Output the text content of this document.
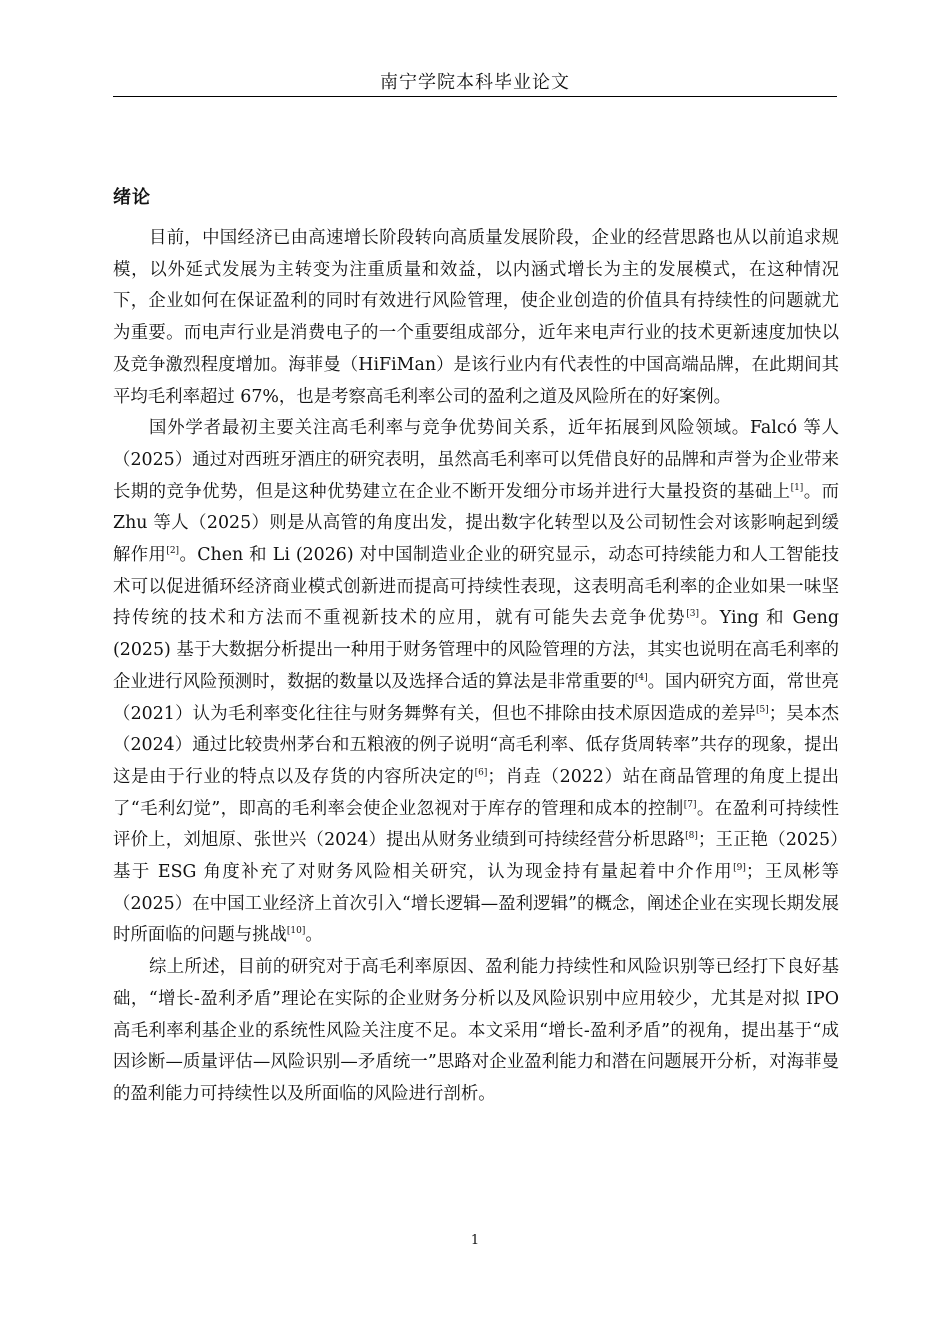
南宁学院本科毕业论文
绪论

目前，中国经济已由高速增长阶段转向高质量发展阶段，企业的经营思路也从以前追求规模，以外延式发展为主转变为注重质量和效益，以内涵式增长为主的发展模式，在这种情况下，企业如何在保证盈利的同时有效进行风险管理，使企业创造的价值具有持续性的问题就尤为重要。而电声行业是消费电子的一个重要组成部分，近年来电声行业的技术更新速度加快以及竞争激烈程度增加。海菲曼（HiFiMan）是该行业内有代表性的中国高端品牌，在此期间其平均毛利率超过 67%，也是考察高毛利率公司的盈利之道及风险所在的好案例。

国外学者最初主要关注高毛利率与竞争优势间关系，近年拓展到风险领域。Falcó 等人（2025）通过对西班牙酒庄的研究表明，虽然高毛利率可以凭借良好的品牌和声誉为企业带来长期的竞争优势，但是这种优势建立在企业不断开发细分市场并进行大量投资的基础上[1]。而 Zhu 等人（2025）则是从高管的角度出发，提出数字化转型以及公司韧性会对该影响起到缓解作用[2]。Chen 和 Li (2026) 对中国制造业企业的研究显示，动态可持续能力和人工智能技术可以促进循环经济商业模式创新进而提高可持续性表现，这表明高毛利率的企业如果一味坚持传统的技术和方法而不重视新技术的应用，就有可能失去竞争优势[3]。Ying 和 Geng (2025) 基于大数据分析提出一种用于财务管理中的风险管理的方法，其实也说明在高毛利率的企业进行风险预测时，数据的数量以及选择合适的算法是非常重要的[4]。国内研究方面，常世亮（2021）认为毛利率变化往往与财务舞弊有关，但也不排除由技术原因造成的差异[5]；吴本杰（2024）通过比较贵州茅台和五粮液的例子说明“高毛利率、低存货周转率”共存的现象，提出这是由于行业的特点以及存货的内容所决定的[6]；肖垚（2022）站在商品管理的角度上提出了“毛利幻觉”，即高的毛利率会使企业忽视对于库存的管理和成本的控制[7]。在盈利可持续性评价上，刘旭原、张世兴（2024）提出从财务业绩到可持续经营分析思路[8]；王正艳（2025）基于 ESG 角度补充了对财务风险相关研究，认为现金持有量起着中介作用[9]；王凤彬等（2025）在中国工业经济上首次引入“增长逻辑—盈利逻辑”的概念，阐述企业在实现长期发展时所面临的问题与挑战[10]。

综上所述，目前的研究对于高毛利率原因、盈利能力持续性和风险识别等已经打下良好基础，“增长-盈利矛盾”理论在实际的企业财务分析以及风险识别中应用较少，尤其是对拟 IPO 高毛利率利基企业的系统性风险关注度不足。本文采用“增长-盈利矛盾”的视角，提出基于“成因诊断—质量评估—风险识别—矛盾统一”思路对企业盈利能力和潜在问题展开分析，对海菲曼的盈利能力可持续性以及所面临的风险进行剖析。

1
